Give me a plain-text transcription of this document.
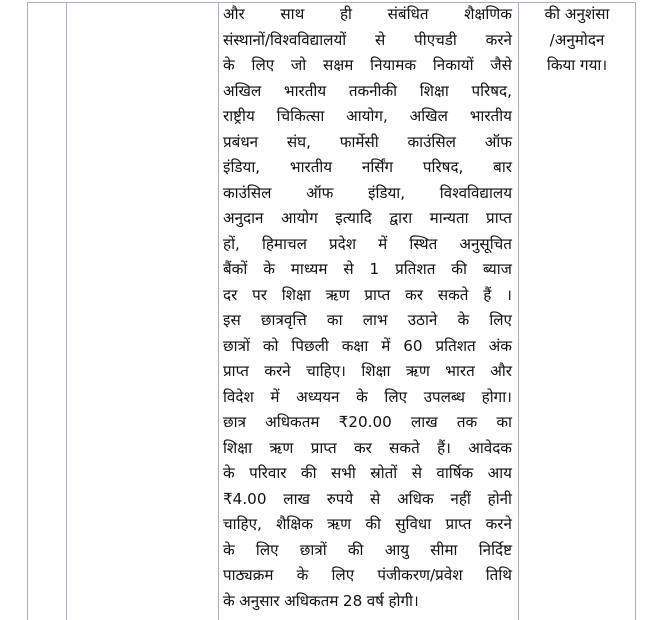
और साथ ही संबंधित शैक्षणिक
संस्थानों/विश्वविद्यालयों से पीएचडी करने
के लिए जो सक्षम नियामक निकायों जैसे
अखिल भारतीय तकनीकी शिक्षा परिषद,
राष्ट्रीय चिकित्सा आयोग, अखिल भारतीय
प्रबंधन संघ, फार्मेसी काउंसिल ऑफ
इंडिया, भारतीय नर्सिंग परिषद, बार
काउंसिल ऑफ इंडिया, विश्वविद्यालय
अनुदान आयोग इत्यादि द्वारा मान्यता प्राप्त
हों, हिमाचल प्रदेश में स्थित अनुसूचित
बैंकों के माध्यम से 1 प्रतिशत की ब्याज
दर पर शिक्षा ऋण प्राप्त कर सकते हैं ।
इस छात्रवृत्ति का लाभ उठाने के लिए
छात्रों को पिछली कक्षा में 60 प्रतिशत अंक
प्राप्त करने चाहिए। शिक्षा ऋण भारत और
विदेश में अध्ययन के लिए उपलब्ध होगा।
छात्र अधिकतम ₹20.00 लाख तक का
शिक्षा ऋण प्राप्त कर सकते हैं। आवेदक
के परिवार की सभी स्रोतों से वार्षिक आय
₹4.00 लाख रुपये से अधिक नहीं होनी
चाहिए, शैक्षिक ऋण की सुविधा प्राप्त करने
के लिए छात्रों की आयु सीमा निर्दिष्ट
पाठ्यक्रम के लिए पंजीकरण/प्रवेश तिथि
के अनुसार अधिकतम 28 वर्ष होगी।
की अनुशंसा
/अनुमोदन
किया गया।
